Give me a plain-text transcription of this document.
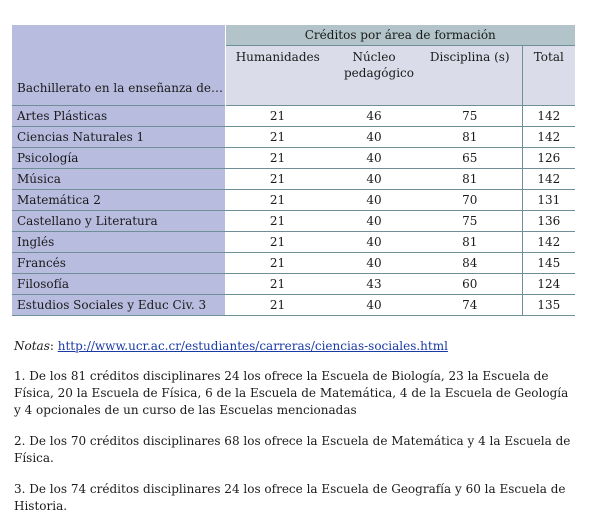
Bachillerato en la enseñanza de…	Créditos por área de formación			
	Humanidades	Núcleo pedagógico	Disciplina (s)	Total
Artes Plásticas	21	46	75	142
Ciencias Naturales 1	21	40	81	142
Psicología	21	40	65	126
Música	21	40	81	142
Matemática 2	21	40	70	131
Castellano y Literatura	21	40	75	136
Inglés	21	40	81	142
Francés	21	40	84	145
Filosofía	21	43	60	124
Estudios Sociales y Educ Civ. 3	21	40	74	135

Notas: http://www.ucr.ac.cr/estudiantes/carreras/ciencias-sociales.html

1. De los 81 créditos disciplinares 24 los ofrece la Escuela de Biología, 23 la Escuela de Física, 20 la Escuela de Física, 6 de la Escuela de Matemática, 4 de la Escuela de Geología y 4 opcionales de un curso de las Escuelas mencionadas

2. De los 70 créditos disciplinares 68 los ofrece la Escuela de Matemática y 4 la Escuela de Física.

3. De los 74 créditos disciplinares 24 los ofrece la Escuela de Geografía y 60 la Escuela de Historia.
